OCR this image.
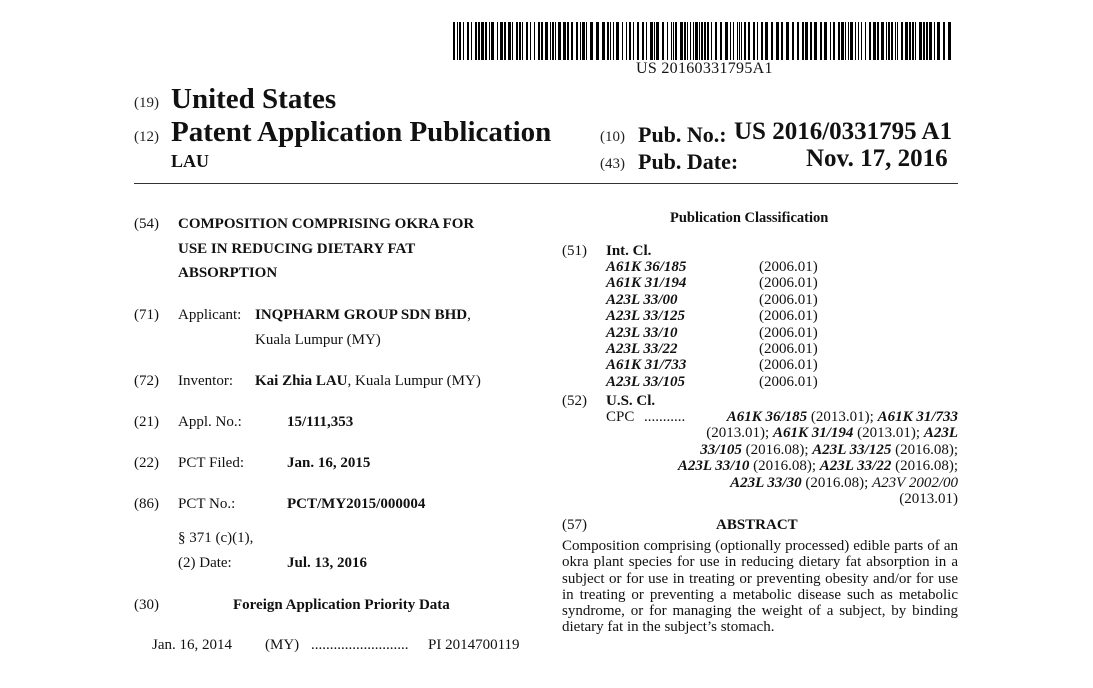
US 20160331795A1
(19) United States
(12) Patent Application Publication
LAU
(10) Pub. No.: US 2016/0331795 A1
(43) Pub. Date:	Nov. 17, 2016
(54) COMPOSITION COMPRISING OKRA FOR
USE IN REDUCING DIETARY FAT
ABSORPTION
(71) Applicant: INQPHARM GROUP SDN BHD,
Kuala Lumpur (MY)
(72) Inventor: Kai Zhia LAU, Kuala Lumpur (MY)
(21) Appl. No.:	15/111,353
(22) PCT Filed:	Jan. 16, 2015
(86) PCT No.:	PCT/MY2015/000004
§ 371 (c)(1),
(2) Date:	Jul. 13, 2016
(30)	Foreign Application Priority Data
Jan. 16, 2014 (MY) .......................... PI 2014700119
Publication Classification
(51) Int. Cl.
A61K 36/185	(2006.01)
A61K 31/194	(2006.01)
A23L 33/00	(2006.01)
A23L 33/125	(2006.01)
A23L 33/10	(2006.01)
A23L 33/22	(2006.01)
A61K 31/733	(2006.01)
A23L 33/105	(2006.01)
(52) U.S. Cl.
CPC ...........	A61K 36/185 (2013.01); A61K 31/733
(2013.01); A61K 31/194 (2013.01); A23L
33/105 (2016.08); A23L 33/125 (2016.08);
A23L 33/10 (2016.08); A23L 33/22 (2016.08);
A23L 33/30 (2016.08); A23V 2002/00
(2013.01)
(57)	ABSTRACT
Composition comprising (optionally processed) edible parts of an okra plant species for use in reducing dietary fat absorption in a subject or for use in treating or preventing obesity and/or for use in treating or preventing a metabolic disease such as metabolic syndrome, or for managing the weight of a subject, by binding dietary fat in the subject’s stomach.
